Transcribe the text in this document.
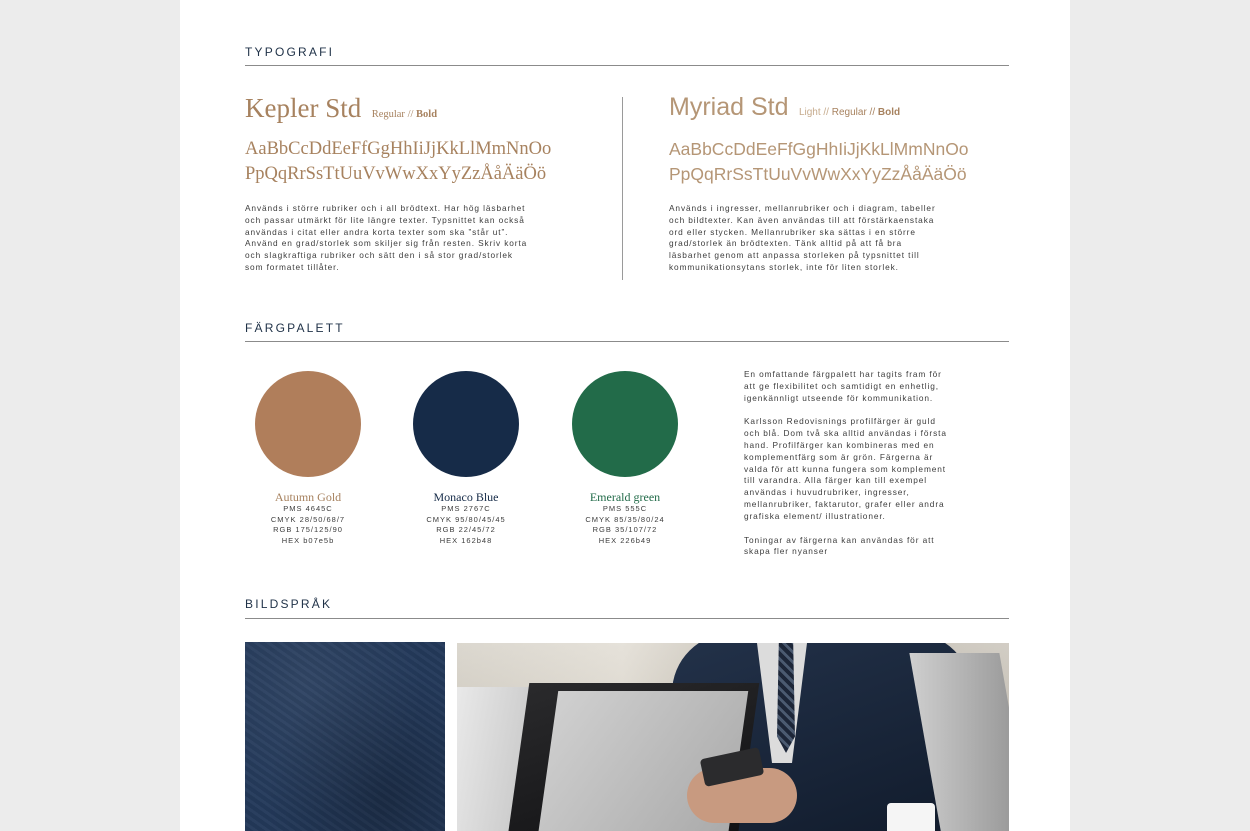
TYPOGRAFI
Kepler Std Regular // Bold
AaBbCcDdEeFfGgHhIiJjKkLlMmNnOo
PpQqRrSsTtUuVvWwXxYyZzÅåÄäÖö
Används i större rubriker och i all brödtext. Har hög läsbarhet
och passar utmärkt för lite längre texter. Typsnittet kan också
användas i citat eller andra korta texter som ska ”står ut”.
Använd en grad/storlek som skiljer sig från resten. Skriv korta
och slagkraftiga rubriker och sätt den i så stor grad/storlek
som formatet tillåter.
Myriad Std Light // Regular // Bold
AaBbCcDdEeFfGgHhIiJjKkLlMmNnOo
PpQqRrSsTtUuVvWwXxYyZzÅåÄäÖö
Används i ingresser, mellanrubriker och i diagram, tabeller
och bildtexter. Kan även användas till att förstärkaenstaka
ord eller stycken. Mellanrubriker ska sättas i en större
grad/storlek än brödtexten. Tänk alltid på att få bra
läsbarhet genom att anpassa storleken på typsnittet till
kommunikationsytans storlek, inte för liten storlek.
FÄRGPALETT
Autumn Gold
PMS 4645C
CMYK 28/50/68/7
RGB 175/125/90
HEX b07e5b
Monaco Blue
PMS 2767C
CMYK 95/80/45/45
RGB 22/45/72
HEX 162b48
Emerald green
PMS 555C
CMYK 85/35/80/24
RGB 35/107/72
HEX 226b49
En omfattande färgpalett har tagits fram för
att ge flexibilitet och samtidigt en enhetlig,
igenkännligt utseende för kommunikation.
Karlsson Redovisnings profilfärger är guld
och blå. Dom två ska alltid användas i första
hand. Profilfärger kan kombineras med en
komplementfärg som är grön. Färgerna är
valda för att kunna fungera som komplement
till varandra. Alla färger kan till exempel
användas i huvudrubriker, ingresser,
mellanrubriker, faktarutor, grafer eller andra
grafiska element/ illustrationer.
Toningar av färgerna kan användas för att
skapa fler nyanser
BILDSPRÅK
